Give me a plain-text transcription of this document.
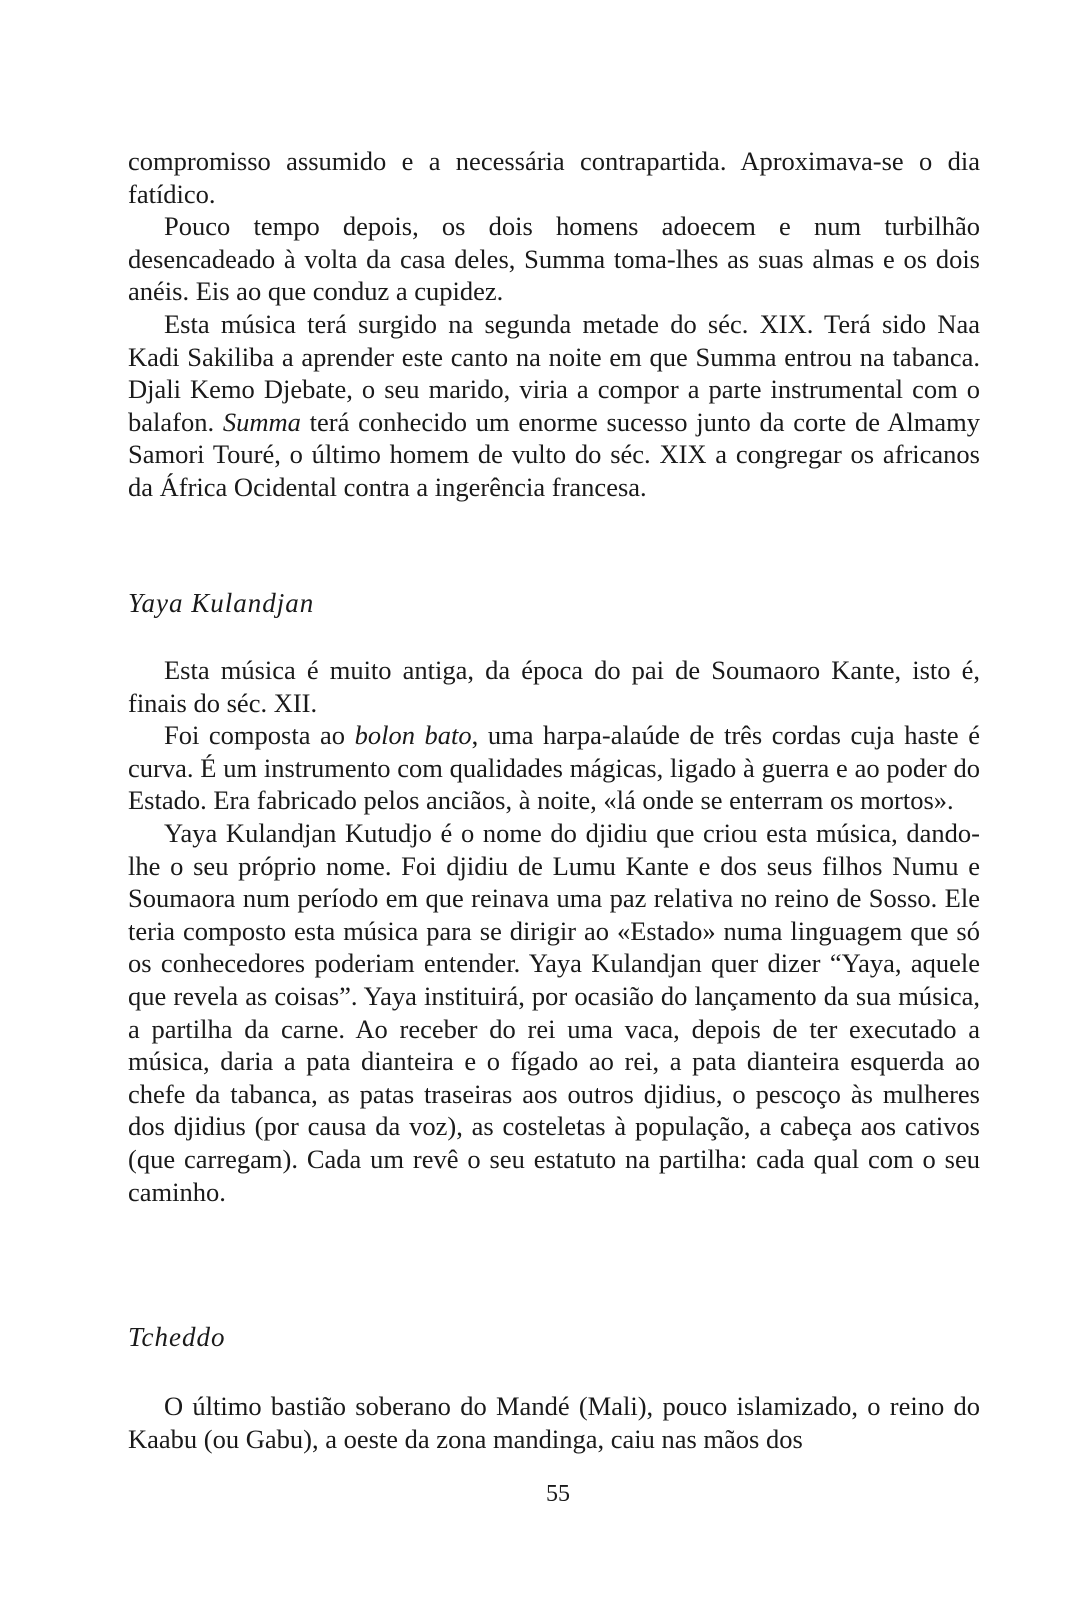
compromisso assumido e a necessária contrapartida. Aproximava-se o dia fatídico.

Pouco tempo depois, os dois homens adoecem e num turbilhão desencadeado à volta da casa deles, Summa toma-lhes as suas almas e os dois anéis. Eis ao que conduz a cupidez.

Esta música terá surgido na segunda metade do séc. XIX. Terá sido Naa Kadi Sakiliba a aprender este canto na noite em que Summa entrou na tabanca. Djali Kemo Djebate, o seu marido, viria a compor a parte instrumental com o balafon. Summa terá conhecido um enorme sucesso junto da corte de Almamy Samori Touré, o último homem de vulto do séc. XIX a congregar os africanos da África Ocidental contra a ingerência francesa.

Yaya Kulandjan

Esta música é muito antiga, da época do pai de Soumaoro Kante, isto é, finais do séc. XII.

Foi composta ao bolon bato, uma harpa-alaúde de três cordas cuja haste é curva. É um instrumento com qualidades mágicas, ligado à guerra e ao poder do Estado. Era fabricado pelos anciãos, à noite, «lá onde se enterram os mortos».

Yaya Kulandjan Kutudjo é o nome do djidiu que criou esta música, dando-lhe o seu próprio nome. Foi djidiu de Lumu Kante e dos seus filhos Numu e Soumaora num período em que reinava uma paz relativa no reino de Sosso. Ele teria composto esta música para se dirigir ao «Estado» numa linguagem que só os conhecedores poderiam entender. Yaya Kulandjan quer dizer “Yaya, aquele que revela as coisas”. Yaya instituirá, por ocasião do lançamento da sua música, a partilha da carne. Ao receber do rei uma vaca, depois de ter executado a música, daria a pata dianteira e o fígado ao rei, a pata dianteira esquerda ao chefe da tabanca, as patas traseiras aos outros djidius, o pescoço às mulheres dos djidius (por causa da voz), as costeletas à população, a cabeça aos cativos (que carregam). Cada um revê o seu estatuto na partilha: cada qual com o seu caminho.

Tcheddo

O último bastião soberano do Mandé (Mali), pouco islamizado, o reino do Kaabu (ou Gabu), a oeste da zona mandinga, caiu nas mãos dos

55
